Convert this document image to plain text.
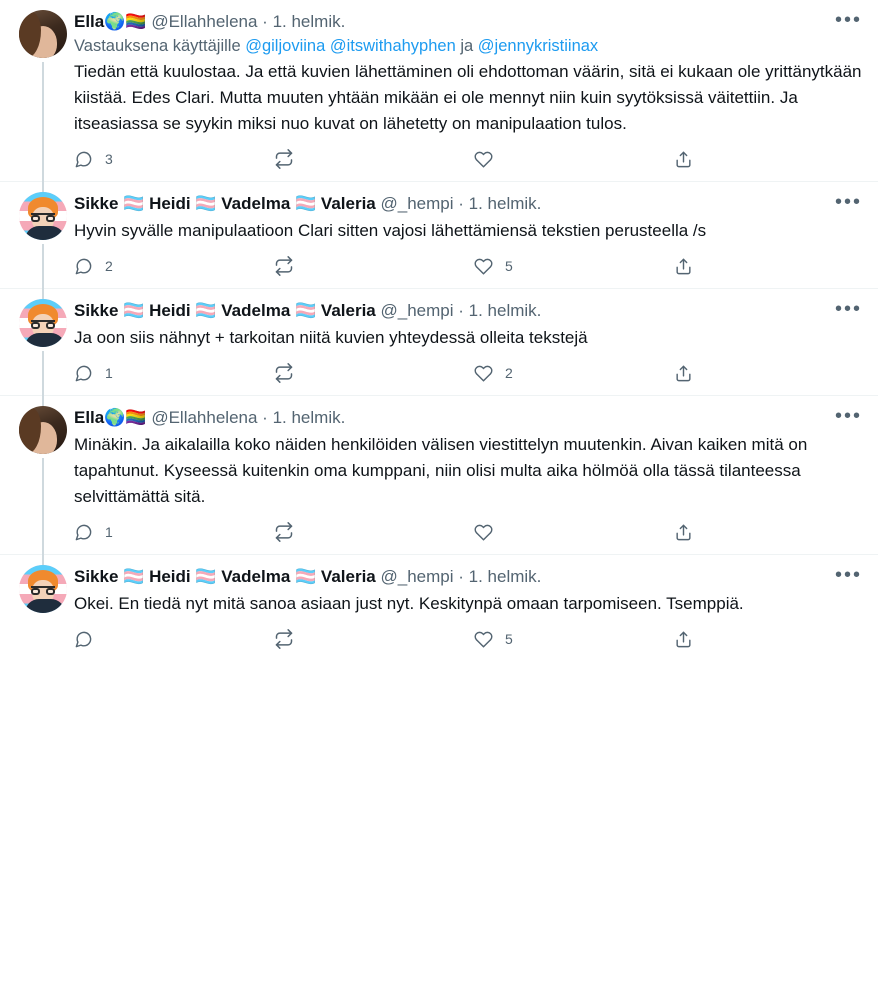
Ella🌍🏳️‍🌈 @Ellahhelena · 1. helmik.	•••
Vastauksena käyttäjille @giljoviina @itswithahyphen ja @jennykristiinax
Tiedän että kuulostaa. Ja että kuvien lähettäminen oli ehdottoman väärin, sitä ei kukaan ole yrittänytkään kiistää. Edes Clari. Mutta muuten yhtään mikään ei ole mennyt niin kuin syytöksissä väitettiin. Ja itseasiassa se syykin miksi nuo kuvat on lähetetty on manipulaation tulos.
3
Sikke 🏳️‍⚧️ Heidi 🏳️‍⚧️ Vadelma 🏳️‍⚧️ Valeria @_hempi · 1. helmik.	•••
Hyvin syvälle manipulaatioon Clari sitten vajosi lähettämiensä tekstien perusteella /s
2	5
Sikke 🏳️‍⚧️ Heidi 🏳️‍⚧️ Vadelma 🏳️‍⚧️ Valeria @_hempi · 1. helmik.	•••
Ja oon siis nähnyt + tarkoitan niitä kuvien yhteydessä olleita tekstejä
1	2
Ella🌍🏳️‍🌈 @Ellahhelena · 1. helmik.	•••
Minäkin. Ja aikalailla koko näiden henkilöiden välisen viestittelyn muutenkin. Aivan kaiken mitä on tapahtunut. Kyseessä kuitenkin oma kumppani, niin olisi multa aika hölmöä olla tässä tilanteessa selvittämättä sitä.
1
Sikke 🏳️‍⚧️ Heidi 🏳️‍⚧️ Vadelma 🏳️‍⚧️ Valeria @_hempi · 1. helmik.	•••
Okei. En tiedä nyt mitä sanoa asiaan just nyt. Keskitynpä omaan tarpomiseen. Tsemppiä.
5
